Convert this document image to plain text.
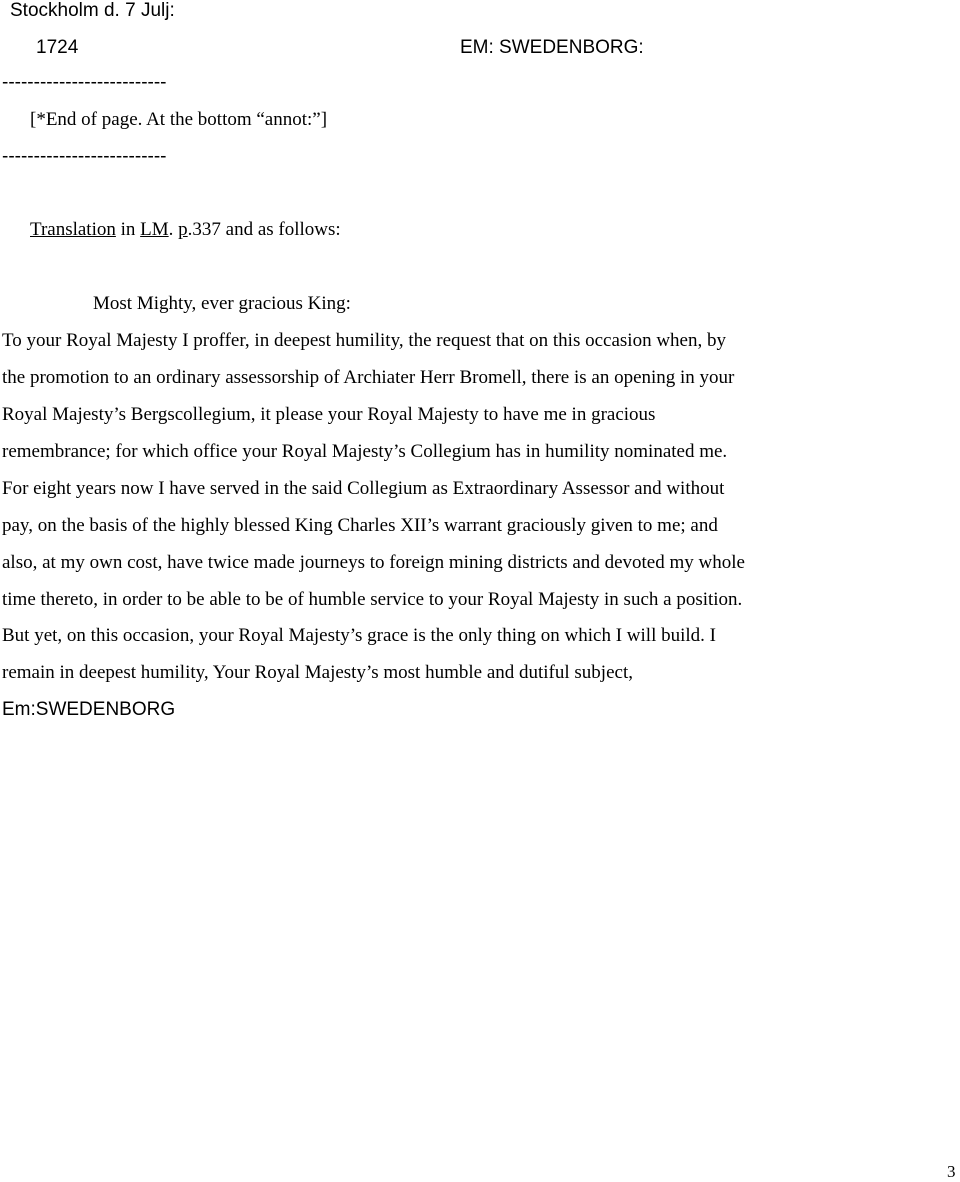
Stockholm d. 7 Julj:
1724	EM: SWEDENBORG:
--------------------------
[*End of page. At the bottom “annot:”]
--------------------------
Translation in LM. p.337 and as follows:
Most Mighty, ever gracious King:
To your Royal Majesty I proffer, in deepest humility, the request that on this occasion when, by
the promotion to an ordinary assessorship of Archiater Herr Bromell, there is an opening in your
Royal Majesty’s Bergscollegium, it please your Royal Majesty to have me in gracious
remembrance; for which office your Royal Majesty’s Collegium has in humility nominated me.
For eight years now I have served in the said Collegium as Extraordinary Assessor and without
pay, on the basis of the highly blessed King Charles XII’s warrant graciously given to me; and
also, at my own cost, have twice made journeys to foreign mining districts and devoted my whole
time thereto, in order to be able to be of humble service to your Royal Majesty in such a position.
But yet, on this occasion, your Royal Majesty’s grace is the only thing on which I will build. I
remain in deepest humility, Your Royal Majesty’s most humble and dutiful subject,
Em:SWEDENBORG
3
